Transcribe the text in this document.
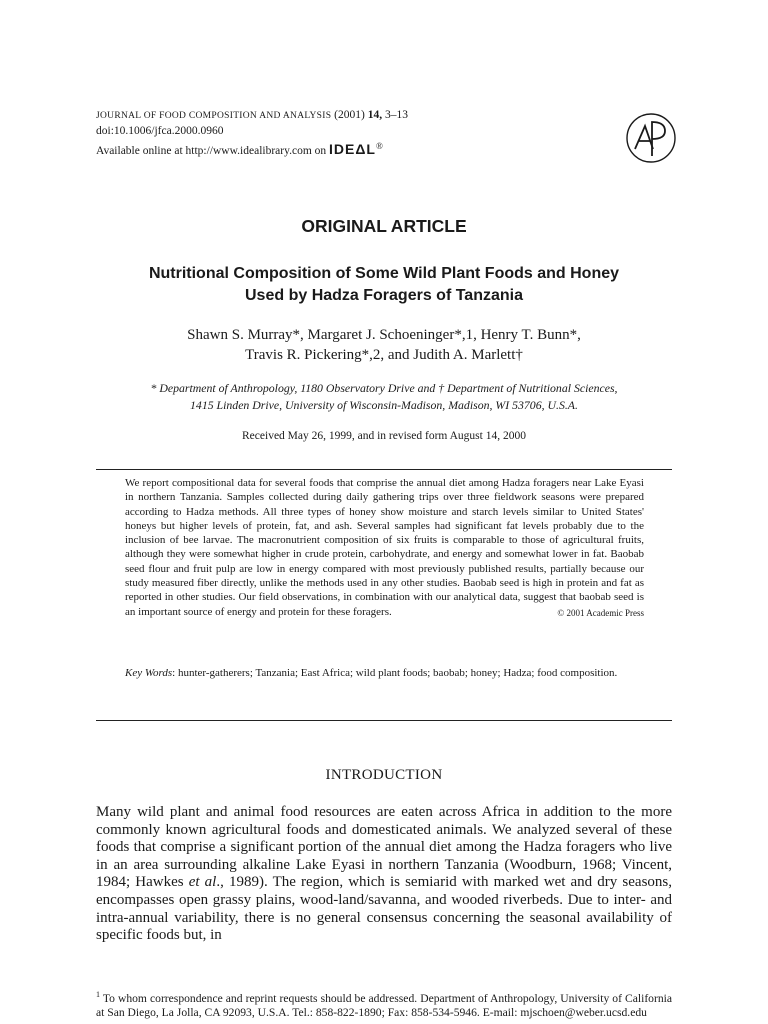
JOURNAL OF FOOD COMPOSITION AND ANALYSIS (2001) 14, 3–13
doi:10.1006/jfca.2000.0960
Available online at http://www.idealibrary.com on IDEΔL®
ORIGINAL ARTICLE
Nutritional Composition of Some Wild Plant Foods and Honey
Used by Hadza Foragers of Tanzania
Shawn S. Murray*, Margaret J. Schoeninger*,1, Henry T. Bunn*,
Travis R. Pickering*,2, and Judith A. Marlett†
* Department of Anthropology, 1180 Observatory Drive and † Department of Nutritional Sciences,
1415 Linden Drive, University of Wisconsin-Madison, Madison, WI 53706, U.S.A.
Received May 26, 1999, and in revised form August 14, 2000
We report compositional data for several foods that comprise the annual diet among Hadza foragers near Lake Eyasi in northern Tanzania. Samples collected during daily gathering trips over three fieldwork seasons were prepared according to Hadza methods. All three types of honey show moisture and starch levels similar to United States' honeys but higher levels of protein, fat, and ash. Several samples had significant fat levels probably due to the inclusion of bee larvae. The macronutrient composition of six fruits is comparable to those of agricultural fruits, although they were somewhat higher in crude protein, carbohydrate, and energy and somewhat lower in fat. Baobab seed flour and fruit pulp are low in energy compared with most previously published results, partially because our study measured fiber directly, unlike the methods used in any other studies. Baobab seed is high in protein and fat as reported in other studies. Our field observations, in combination with our analytical data, suggest that baobab seed is an important source of energy and protein for these foragers.	© 2001 Academic Press
Key Words: hunter-gatherers; Tanzania; East Africa; wild plant foods; baobab; honey; Hadza; food composition.
INTRODUCTION
Many wild plant and animal food resources are eaten across Africa in addition to the more commonly known agricultural foods and domesticated animals. We analyzed several of these foods that comprise a significant portion of the annual diet among the Hadza foragers who live in an area surrounding alkaline Lake Eyasi in northern Tanzania (Woodburn, 1968; Vincent, 1984; Hawkes et al., 1989). The region, which is semiarid with marked wet and dry seasons, encompasses open grassy plains, wood-land/savanna, and wooded riverbeds. Due to inter- and intra-annual variability, there is no general consensus concerning the seasonal availability of specific foods but, in
$^1$ To whom correspondence and reprint requests should be addressed. Department of Anthropology, University of California at San Diego, La Jolla, CA 92093, U.S.A. Tel.: 858-822-1890; Fax: 858-534-5946. E-mail: mjschoen@weber.ucsd.edu
